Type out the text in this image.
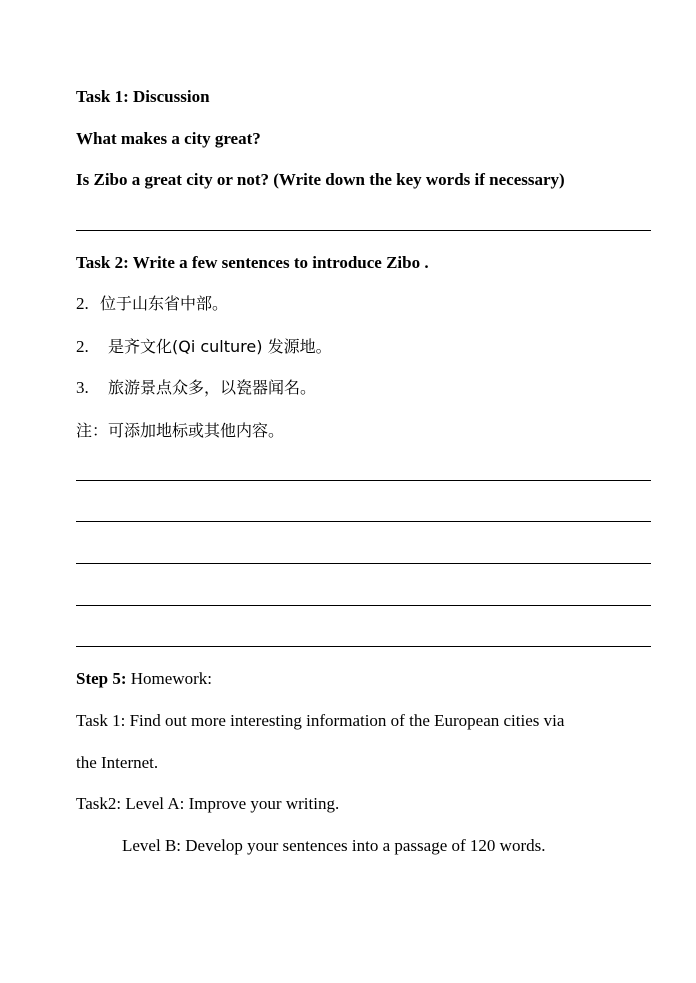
Task 1: Discussion
What makes a city great?
Is Zibo a great city or not? (Write down the key words if necessary)
Task 2: Write a few sentences to introduce Zibo .
2. 位于山东省中部。
2. 是齐文化(Qi culture) 发源地。
3. 旅游景点众多，以瓷器闻名。
注：可添加地标或其他内容。
Step 5: Homework:
Task 1: Find out more interesting information of the European cities via
the Internet.
Task2: Level A: Improve your writing.
Level B: Develop your sentences into a passage of 120 words.
